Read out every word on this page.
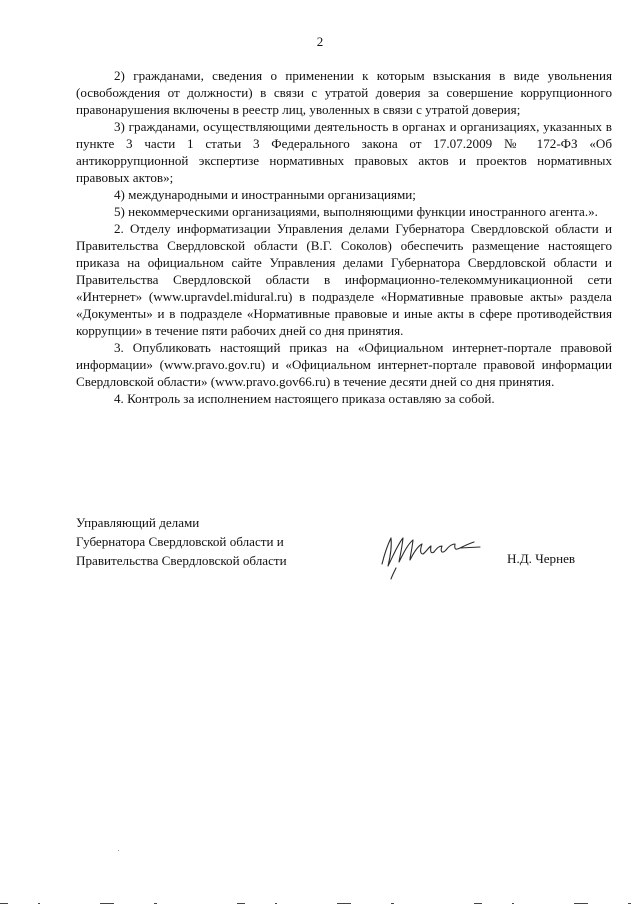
2

2) гражданами, сведения о применении к которым взыскания в виде увольнения (освобождения от должности) в связи с утратой доверия за совершение коррупционного правонарушения включены в реестр лиц, уволенных в связи с утратой доверия;

3) гражданами, осуществляющими деятельность в органах и организациях, указанных в пункте 3 части 1 статьи 3 Федерального закона от 17.07.2009 № 172-ФЗ «Об антикоррупционной экспертизе нормативных правовых актов и проектов нормативных правовых актов»;

4) международными и иностранными организациями;

5) некоммерческими организациями, выполняющими функции иностранного агента.».

2. Отделу информатизации Управления делами Губернатора Свердловской области и Правительства Свердловской области (В.Г. Соколов) обеспечить размещение настоящего приказа на официальном сайте Управления делами Губернатора Свердловской области и Правительства Свердловской области в информационно-телекоммуникационной сети «Интернет» (www.upravdel.midural.ru) в подразделе «Нормативные правовые акты» раздела «Документы» и в подразделе «Нормативные правовые и иные акты в сфере противодействия коррупции» в течение пяти рабочих дней со дня принятия.

3. Опубликовать настоящий приказ на «Официальном интернет-портале правовой информации» (www.pravo.gov.ru) и «Официальном интернет-портале правовой информации Свердловской области» (www.pravo.gov66.ru) в течение десяти дней со дня принятия.

4. Контроль за исполнением настоящего приказа оставляю за собой.

Управляющий делами
Губернатора Свердловской области и
Правительства Свердловской области	Н.Д. Чернев
